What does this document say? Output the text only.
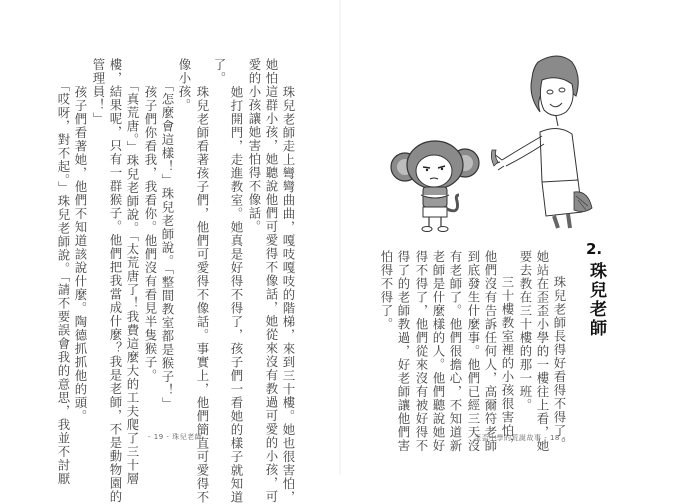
　珠兒老師走上彎彎曲曲，嘎吱嘎吱的階梯，來到三十樓。她也很害怕，
她怕這群小孩，她聽說他們可愛得不像話，她從來沒有教過可愛的小孩，可
愛的小孩讓她害怕得不像話。
　她打開門，走進教室。她真是好得不得了，孩子們一看她的樣子就知道
了。
　珠兒老師看著孩子們，他們可愛得不像話。事實上，他們簡直可愛得不
像小孩。
　「怎麼會這樣！」珠兒老師說。「整間教室都是猴子！」
　孩子們你看我，我看你。他們沒有看見半隻猴子。
　「真荒唐。」珠兒老師說。「太荒唐了！我費這麼大的工夫爬了三十層
樓，結果呢，只有一群猴子。他們把我當成什麼？我是老師，不是動物園的
管理員！」
　孩子們看著她，他們不知道該說什麼。陶德抓抓他的頭。
　「哎呀，對不起。」珠兒老師說。「請不要誤會我的意思，我並不討厭	- 19 - 珠兒老師	　珠兒老師長得好看得不得了。
她站在歪歪小學的一樓往上看，她
要去教在三十樓的那一班。
　三十樓教室裡的小孩很害怕，
他們沒有告訴任何人，高爾符老師
到底發生什麼事。他們已經三天沒
有老師了。他們很擔心，不知道新
老師是什麼樣的人。他們聽說她好
得不得了，他們從來沒有被好得不
得了的老師教過，好老師讓他們害
怕得不得了。
2.
珠兒老師
歪歪小學的荒誕故事 - 18 -
